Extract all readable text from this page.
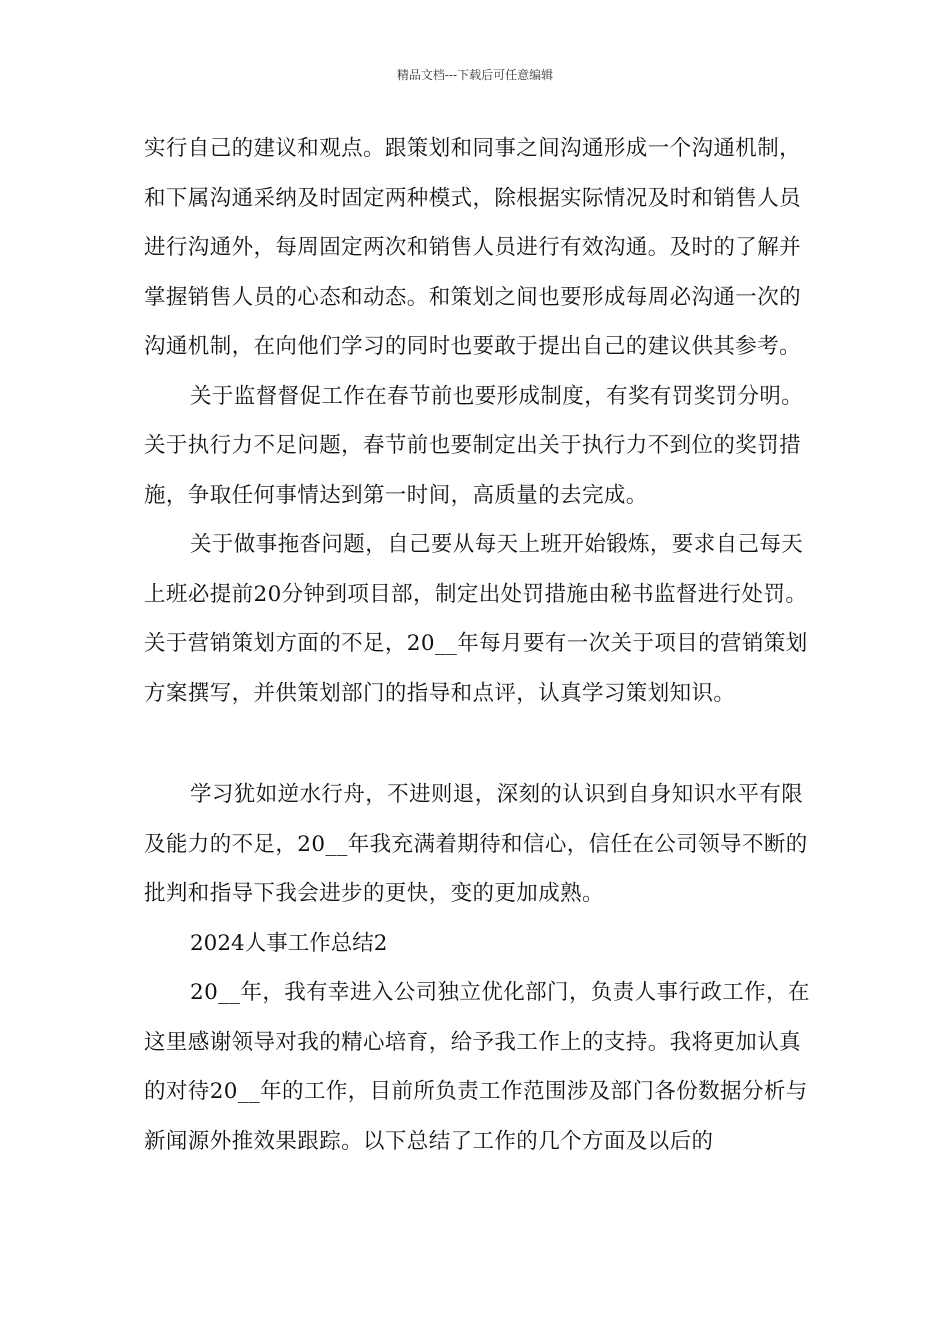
精品文档---下载后可任意编辑

实行自己的建议和观点。跟策划和同事之间沟通形成一个沟通机制，和下属沟通采纳及时固定两种模式，除根据实际情况及时和销售人员进行沟通外，每周固定两次和销售人员进行有效沟通。及时的了解并掌握销售人员的心态和动态。和策划之间也要形成每周必沟通一次的沟通机制，在向他们学习的同时也要敢于提出自己的建议供其参考。

关于监督督促工作在春节前也要形成制度，有奖有罚奖罚分明。关于执行力不足问题，春节前也要制定出关于执行力不到位的奖罚措施，争取任何事情达到第一时间，高质量的去完成。

关于做事拖沓问题，自己要从每天上班开始锻炼，要求自己每天上班必提前20分钟到项目部，制定出处罚措施由秘书监督进行处罚。关于营销策划方面的不足，20__年每月要有一次关于项目的营销策划方案撰写，并供策划部门的指导和点评，认真学习策划知识。

学习犹如逆水行舟，不进则退，深刻的认识到自身知识水平有限及能力的不足，20__年我充满着期待和信心，信任在公司领导不断的批判和指导下我会进步的更快，变的更加成熟。

2024人事工作总结2

20__年，我有幸进入公司独立优化部门，负责人事行政工作，在这里感谢领导对我的精心培育，给予我工作上的支持。我将更加认真的对待20__年的工作，目前所负责工作范围涉及部门各份数据分析与新闻源外推效果跟踪。以下总结了工作的几个方面及以后的
